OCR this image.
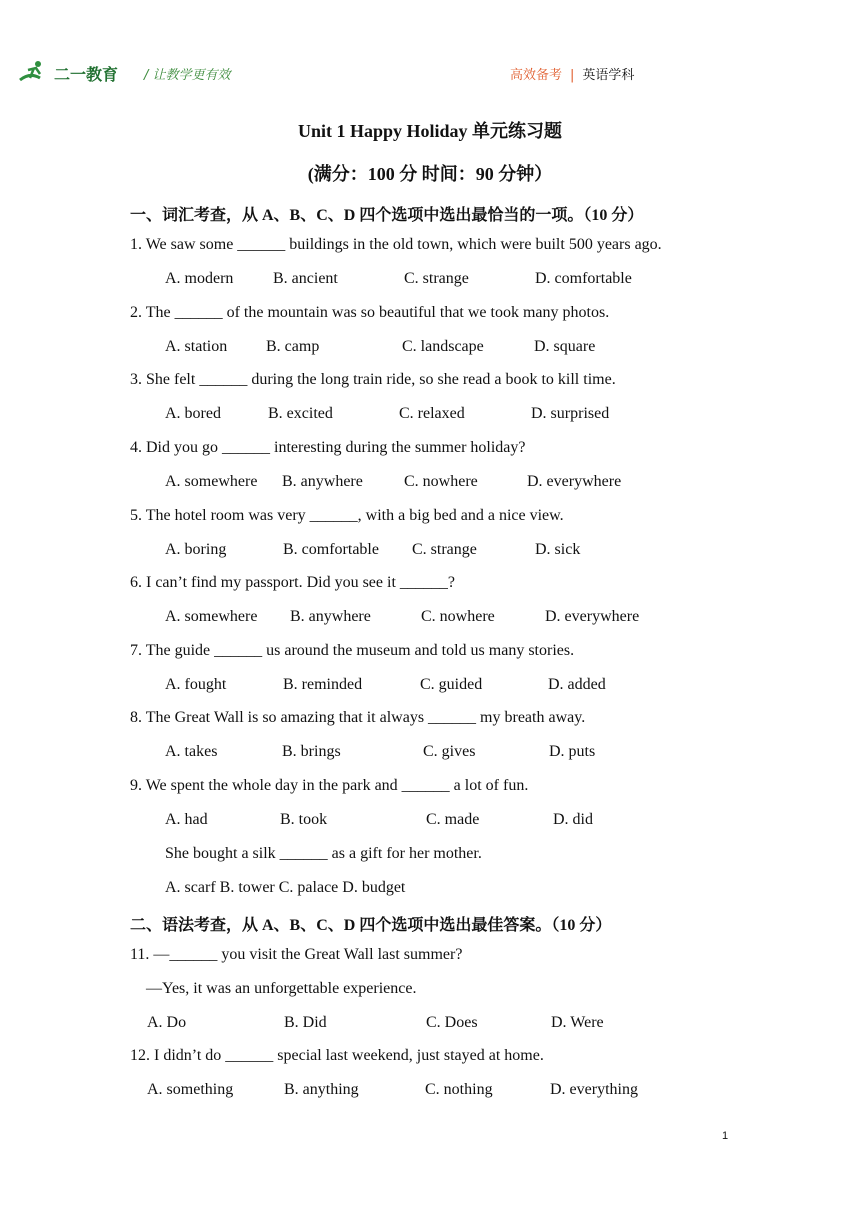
二一教育 / 让教学更有效	高效备考 | 英语学科
Unit 1 Happy Holiday 单元练习题
(满分：100 分 时间：90 分钟）
一、词汇考查，从 A、B、C、D 四个选项中选出最恰当的一项。（10 分）
1. We saw some ______ buildings in the old town, which were built 500 years ago.
A. modern B. ancient	C. strange	D. comfortable
2. The ______ of the mountain was so beautiful that we took many photos.
A. station B. camp	C. landscape	D. square
3. She felt ______ during the long train ride, so she read a book to kill time.
A. bored	B. excited	C. relaxed	D. surprised
4. Did you go ______ interesting during the summer holiday?
A. somewhere B. anywhere	C. nowhere	D. everywhere
5. The hotel room was very ______, with a big bed and a nice view.
A. boring	B. comfortable C. strange	D. sick
6. I can’t find my passport. Did you see it ______?
A. somewhere B. anywhere	C. nowhere	D. everywhere
7. The guide ______ us around the museum and told us many stories.
A. fought	B. reminded	C. guided	D. added
8. The Great Wall is so amazing that it always ______ my breath away.
A. takes	B. brings	C. gives	D. puts
9. We spent the whole day in the park and ______ a lot of fun.
A. had	B. took	C. made	D. did
She bought a silk ______ as a gift for her mother.
A. scarf B. tower C. palace D. budget
二、语法考查，从 A、B、C、D 四个选项中选出最佳答案。（10 分）
11. —______ you visit the Great Wall last summer?
—Yes, it was an unforgettable experience.
A. Do	B. Did	C. Does	D. Were
12. I didn’t do ______ special last weekend, just stayed at home.
A. something	B. anything	C. nothing	D. everything
1
